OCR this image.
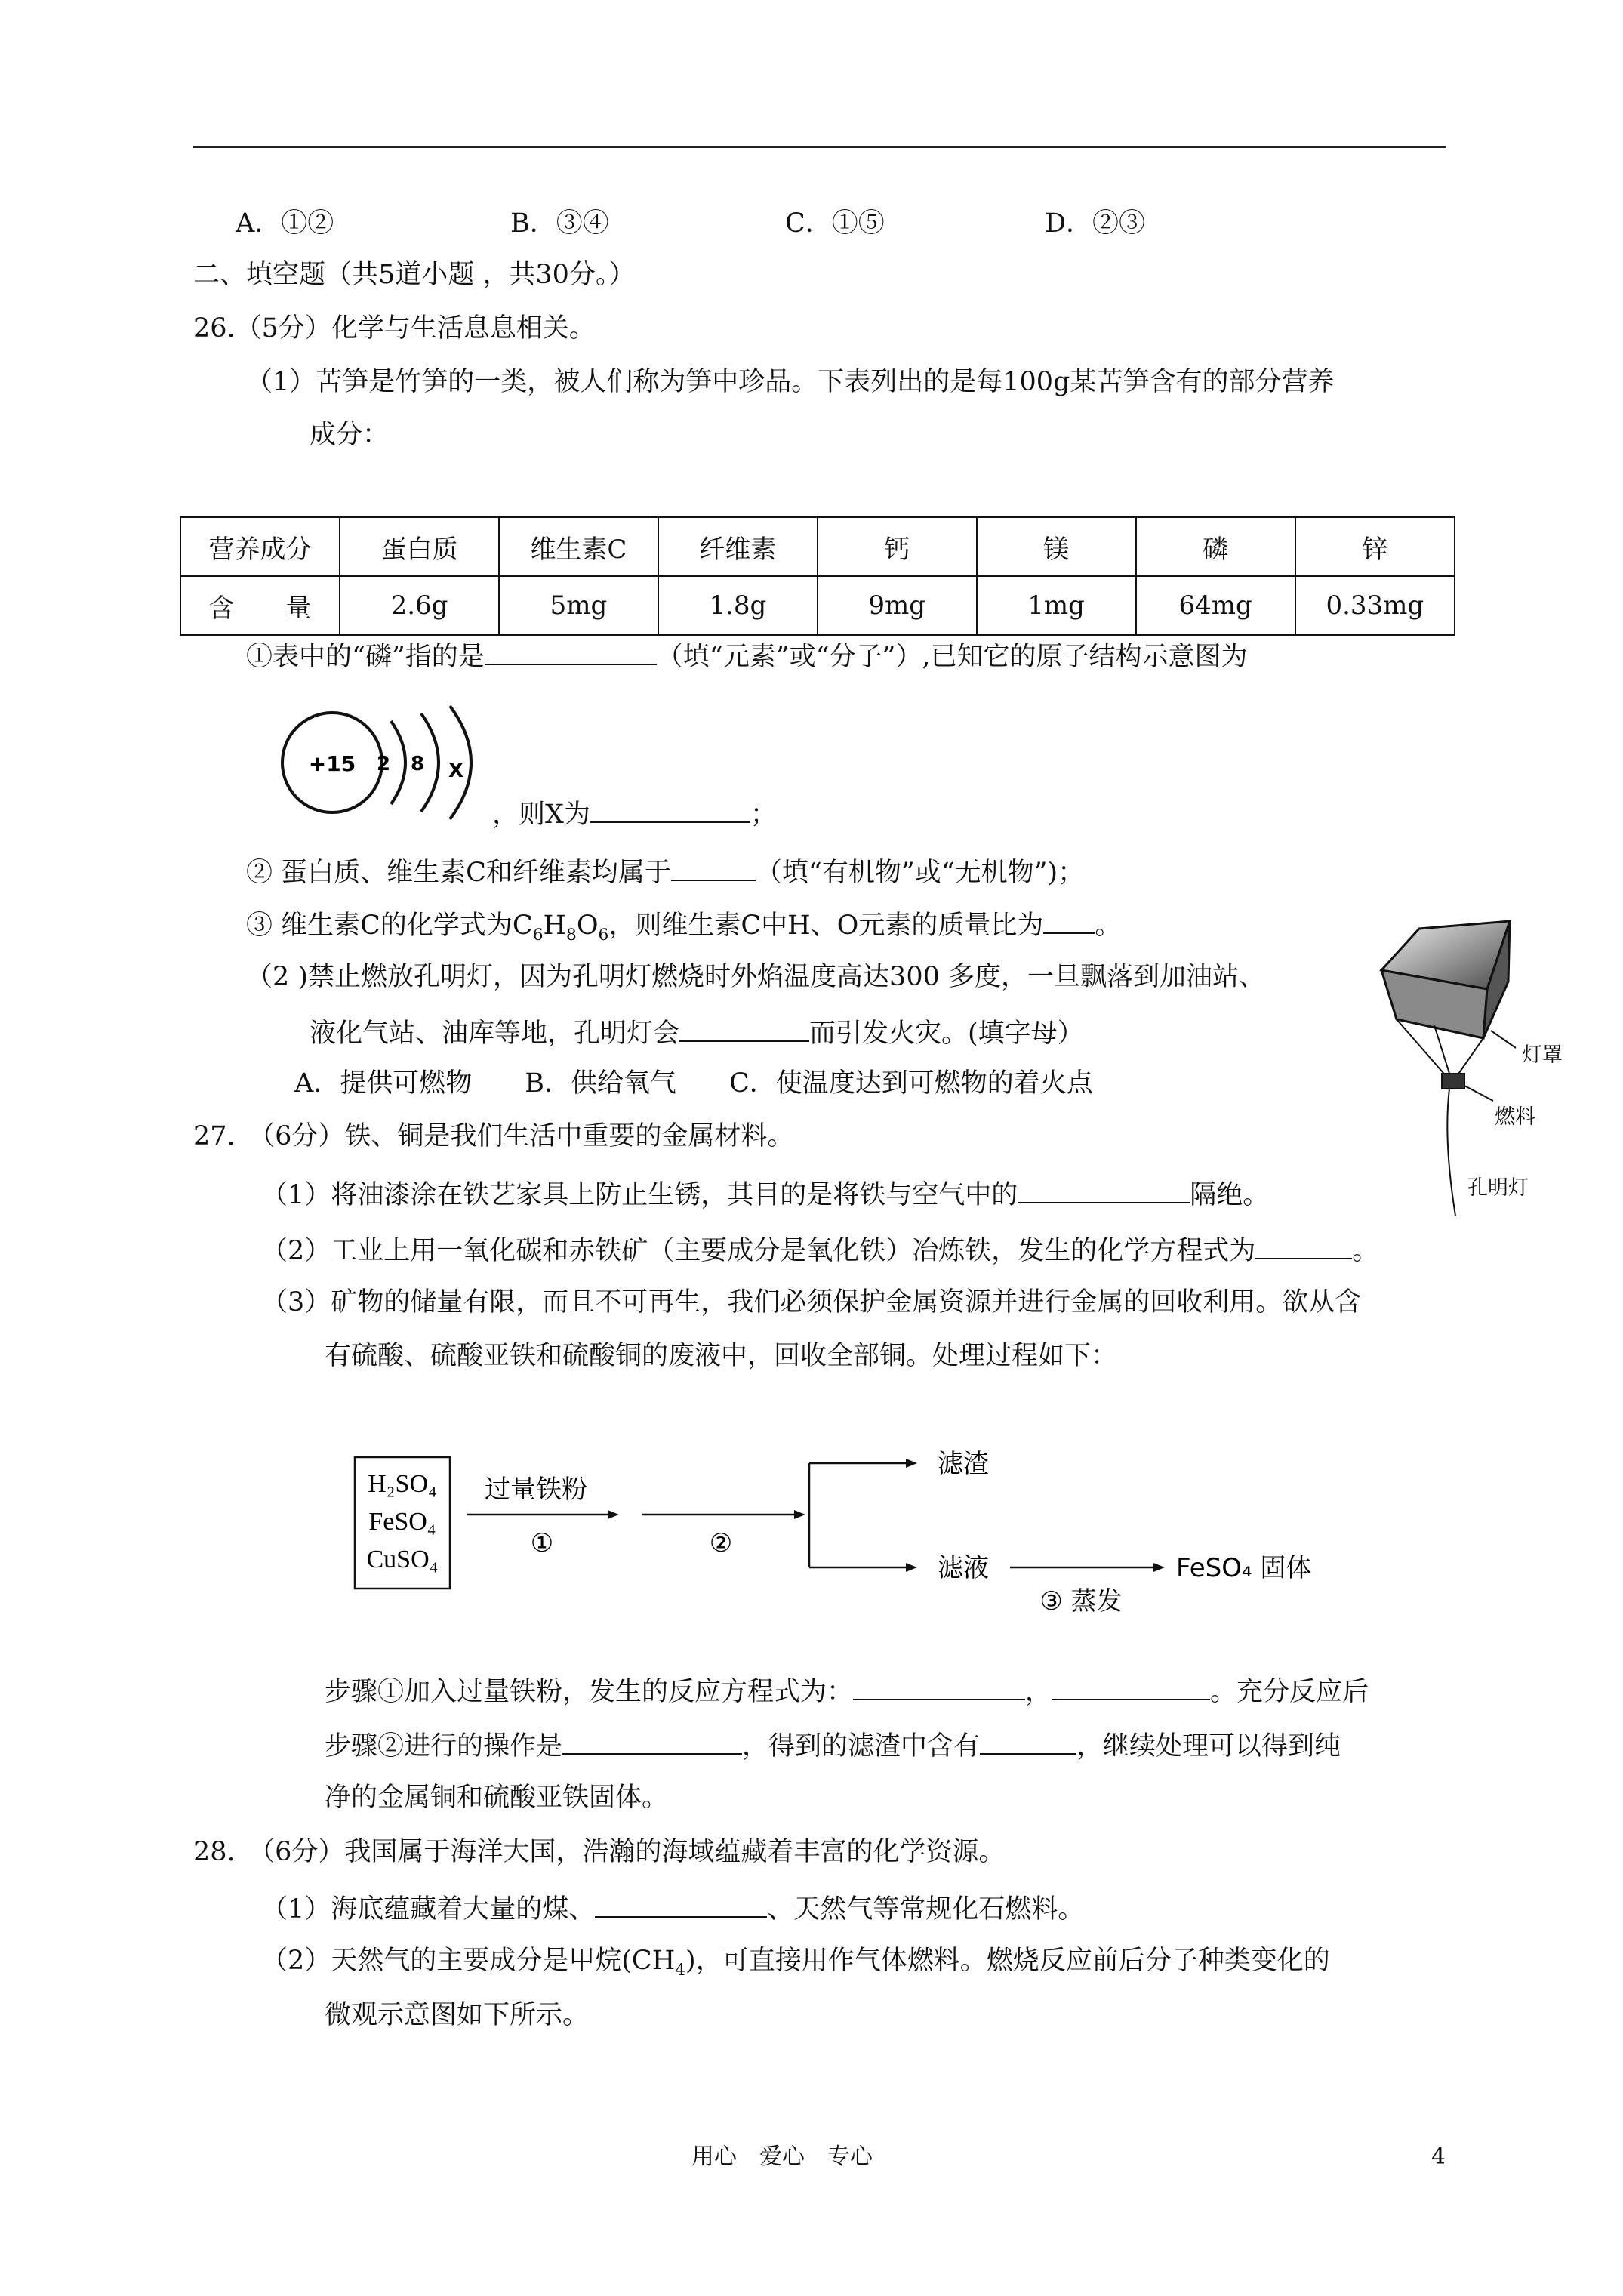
A．①②	B．③④	C．①⑤	D．②③
二、填空题（共5道小题 ，共30分。）
26.（5分）化学与生活息息相关。
（1）苦笋是竹笋的一类，被人们称为笋中珍品。下表列出的是每100g某苦笋含有的部分营养
成分：
营养成分	蛋白质	维生素C	纤维素	钙	镁	磷	锌
含　　量	2.6g	5mg	1.8g	9mg	1mg	64mg	0.33mg
①表中的“磷”指的是	（填“元素”或“分子”）,已知它的原子结构示意图为
+15 2 8 X
，则X为	；
② 蛋白质、维生素C和纤维素均属于	（填“有机物”或“无机物”)；
③ 维生素C的化学式为$C_6H_8O_6$，则维生素C中H、O元素的质量比为 。
（2 )禁止燃放孔明灯，因为孔明灯燃烧时外焰温度高达300 多度，一旦飘落到加油站、
液化气站、油库等地，孔明灯会	而引发火灾。(填字母）
A．提供可燃物　　B．供给氧气　　C．使温度达到可燃物的着火点
灯罩
燃料
孔明灯
27.　（6分）铁、铜是我们生活中重要的金属材料。
（1）将油漆涂在铁艺家具上防止生锈，其目的是将铁与空气中的	隔绝。
（2）工业上用一氧化碳和赤铁矿（主要成分是氧化铁）冶炼铁，发生的化学方程式为	。
（3）矿物的储量有限，而且不可再生，我们必须保护金属资源并进行金属的回收利用。欲从含
有硫酸、硫酸亚铁和硫酸铜的废液中，回收全部铜。处理过程如下：
H₂SO₄
FeSO₄
CuSO₄
过量铁粉
①	②
滤渣
滤液
③ 蒸发
FeSO₄ 固体
步骤①加入过量铁粉，发生的反应方程式为：	，	。充分反应后
步骤②进行的操作是	，得到的滤渣中含有	，继续处理可以得到纯
净的金属铜和硫酸亚铁固体。
28.　（6分）我国属于海洋大国，浩瀚的海域蕴藏着丰富的化学资源。
（1）海底蕴藏着大量的煤、	、天然气等常规化石燃料。
（2）天然气的主要成分是甲烷$(CH_4)$，可直接用作气体燃料。燃烧反应前后分子种类变化的
微观示意图如下所示。
用心　爱心　专心	4
